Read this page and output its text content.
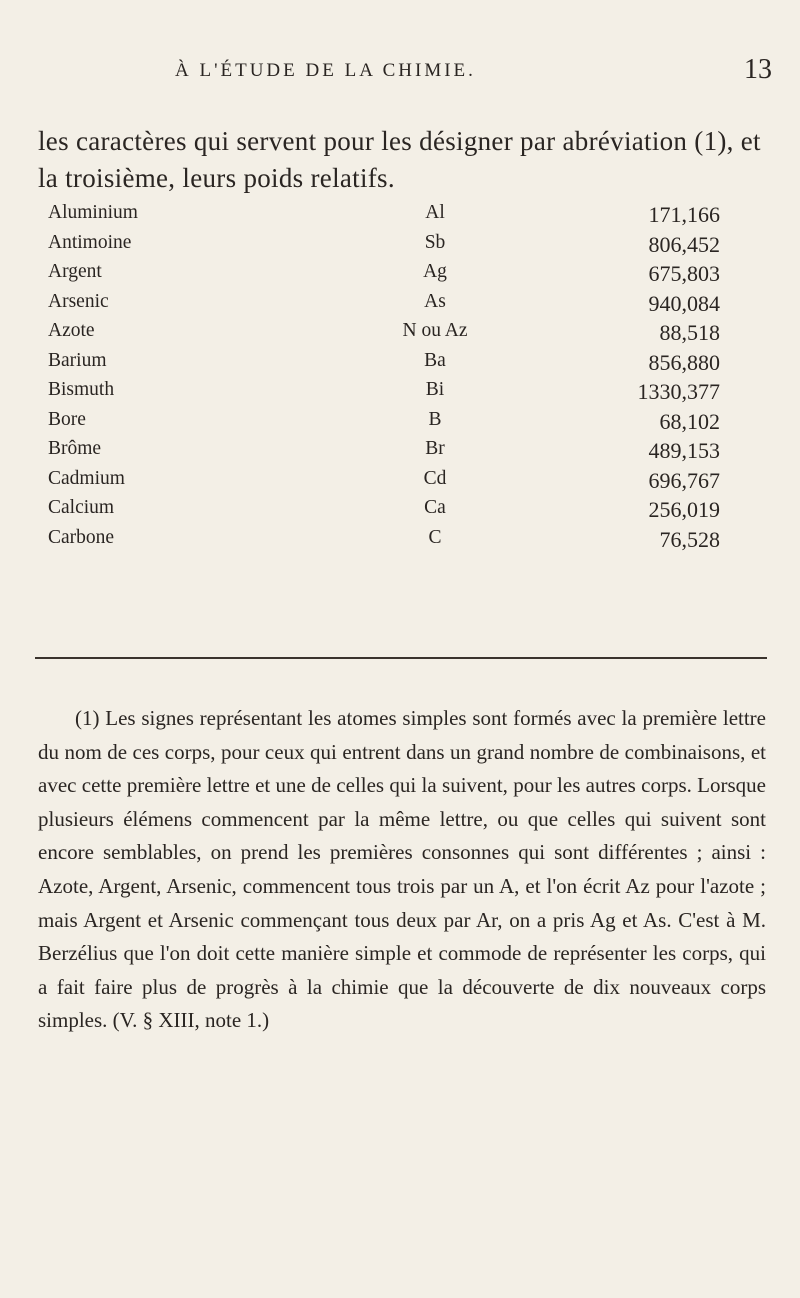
À L'ÉTUDE DE LA CHIMIE.	13

les caractères qui servent pour les désigner par abréviation (1), et la troisième, leurs poids relatifs.

Aluminium	Al	171,166
Antimoine	Sb	806,452
Argent	Ag	675,803
Arsenic	As	940,084
Azote	N ou Az	88,518
Barium	Ba	856,880
Bismuth	Bi	1330,377
Bore	B	68,102
Brôme	Br	489,153
Cadmium	Cd	696,767
Calcium	Ca	256,019
Carbone	C	76,528

(1) Les signes représentant les atomes simples sont formés avec la première lettre du nom de ces corps, pour ceux qui entrent dans un grand nombre de combinaisons, et avec cette première lettre et une de celles qui la suivent, pour les autres corps. Lorsque plusieurs élémens commencent par la même lettre, ou que celles qui suivent sont encore semblables, on prend les premières consonnes qui sont différentes ; ainsi : Azote, Argent, Arsenic, commencent tous trois par un A, et l'on écrit Az pour l'azote ; mais Argent et Arsenic commençant tous deux par Ar, on a pris Ag et As. C'est à M. Berzélius que l'on doit cette manière simple et commode de représenter les corps, qui a fait faire plus de progrès à la chimie que la découverte de dix nouveaux corps simples. (V. § XIII, note 1.)
